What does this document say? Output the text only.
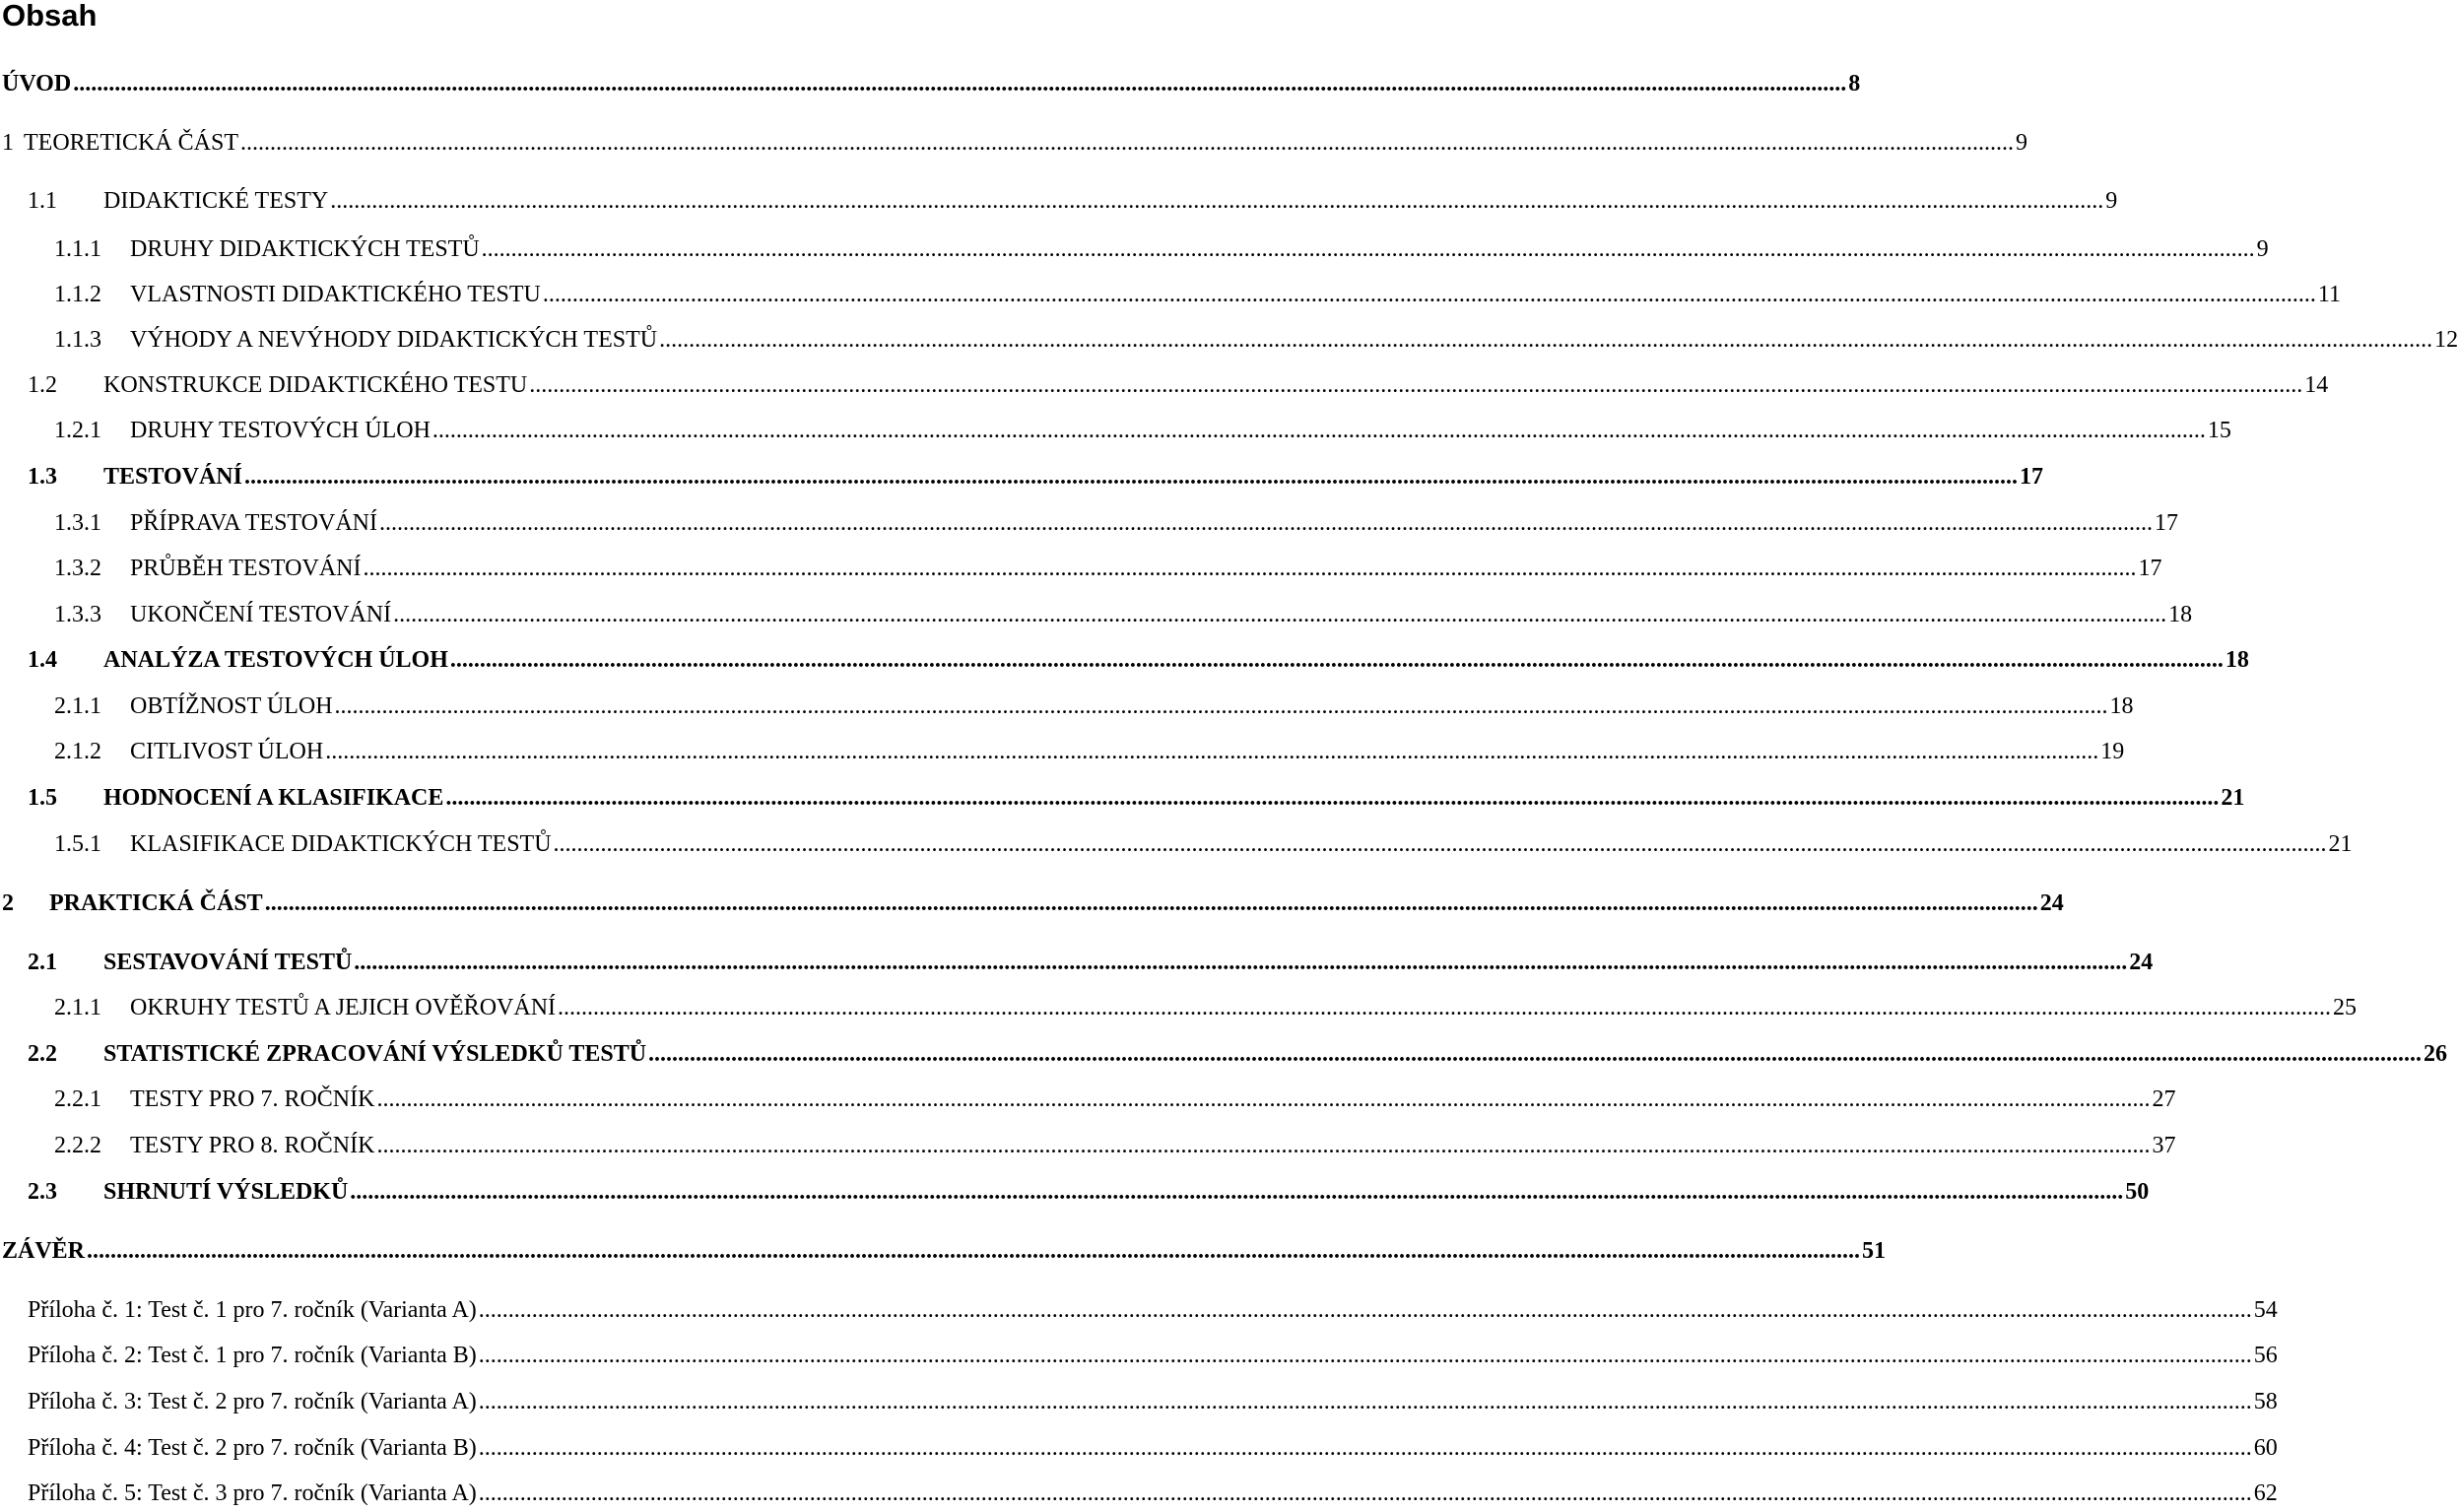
Obsah
ÚVOD ............................................................................................................................................................................................................................................................................................................ 8
1 TEORETICKÁ ČÁST ............................................................................................................................................................................................................................................................................................................ 9
1.1	DIDAKTICKÉ TESTY ............................................................................................................................................................................................................................................................................................................ 9
1.1.1	DRUHY DIDAKTICKÝCH TESTŮ ............................................................................................................................................................................................................................................................................................................ 9
1.1.2	VLASTNOSTI DIDAKTICKÉHO TESTU ............................................................................................................................................................................................................................................................................................................ 11
1.1.3	VÝHODY A NEVÝHODY DIDAKTICKÝCH TESTŮ ............................................................................................................................................................................................................................................................................................................ 12
1.2	KONSTRUKCE DIDAKTICKÉHO TESTU ............................................................................................................................................................................................................................................................................................................ 14
1.2.1	DRUHY TESTOVÝCH ÚLOH ............................................................................................................................................................................................................................................................................................................ 15
1.3	TESTOVÁNÍ ............................................................................................................................................................................................................................................................................................................ 17
1.3.1	PŘÍPRAVA TESTOVÁNÍ ............................................................................................................................................................................................................................................................................................................ 17
1.3.2	PRŮBĚH TESTOVÁNÍ ............................................................................................................................................................................................................................................................................................................ 17
1.3.3	UKONČENÍ TESTOVÁNÍ ............................................................................................................................................................................................................................................................................................................ 18
1.4	ANALÝZA TESTOVÝCH ÚLOH ............................................................................................................................................................................................................................................................................................................ 18
2.1.1	OBTÍŽNOST ÚLOH ............................................................................................................................................................................................................................................................................................................ 18
2.1.2	CITLIVOST ÚLOH ............................................................................................................................................................................................................................................................................................................ 19
1.5	HODNOCENÍ A KLASIFIKACE ............................................................................................................................................................................................................................................................................................................ 21
1.5.1	KLASIFIKACE DIDAKTICKÝCH TESTŮ ............................................................................................................................................................................................................................................................................................................ 21
2	PRAKTICKÁ ČÁST ............................................................................................................................................................................................................................................................................................................ 24
2.1	SESTAVOVÁNÍ TESTŮ ............................................................................................................................................................................................................................................................................................................ 24
2.1.1	OKRUHY TESTŮ A JEJICH OVĚŘOVÁNÍ ............................................................................................................................................................................................................................................................................................................ 25
2.2	STATISTICKÉ ZPRACOVÁNÍ VÝSLEDKŮ TESTŮ ............................................................................................................................................................................................................................................................................................................ 26
2.2.1	TESTY PRO 7. ROČNÍK ............................................................................................................................................................................................................................................................................................................ 27
2.2.2	TESTY PRO 8. ROČNÍK ............................................................................................................................................................................................................................................................................................................ 37
2.3	SHRNUTÍ VÝSLEDKŮ ............................................................................................................................................................................................................................................................................................................ 50
ZÁVĚR ............................................................................................................................................................................................................................................................................................................ 51
Příloha č. 1: Test č. 1 pro 7. ročník (Varianta A) ............................................................................................................................................................................................................................................................................................................ 54
Příloha č. 2: Test č. 1 pro 7. ročník (Varianta B) ............................................................................................................................................................................................................................................................................................................ 56
Příloha č. 3: Test č. 2 pro 7. ročník (Varianta A) ............................................................................................................................................................................................................................................................................................................ 58
Příloha č. 4: Test č. 2 pro 7. ročník (Varianta B) ............................................................................................................................................................................................................................................................................................................ 60
Příloha č. 5: Test č. 3 pro 7. ročník (Varianta A) ............................................................................................................................................................................................................................................................................................................ 62
